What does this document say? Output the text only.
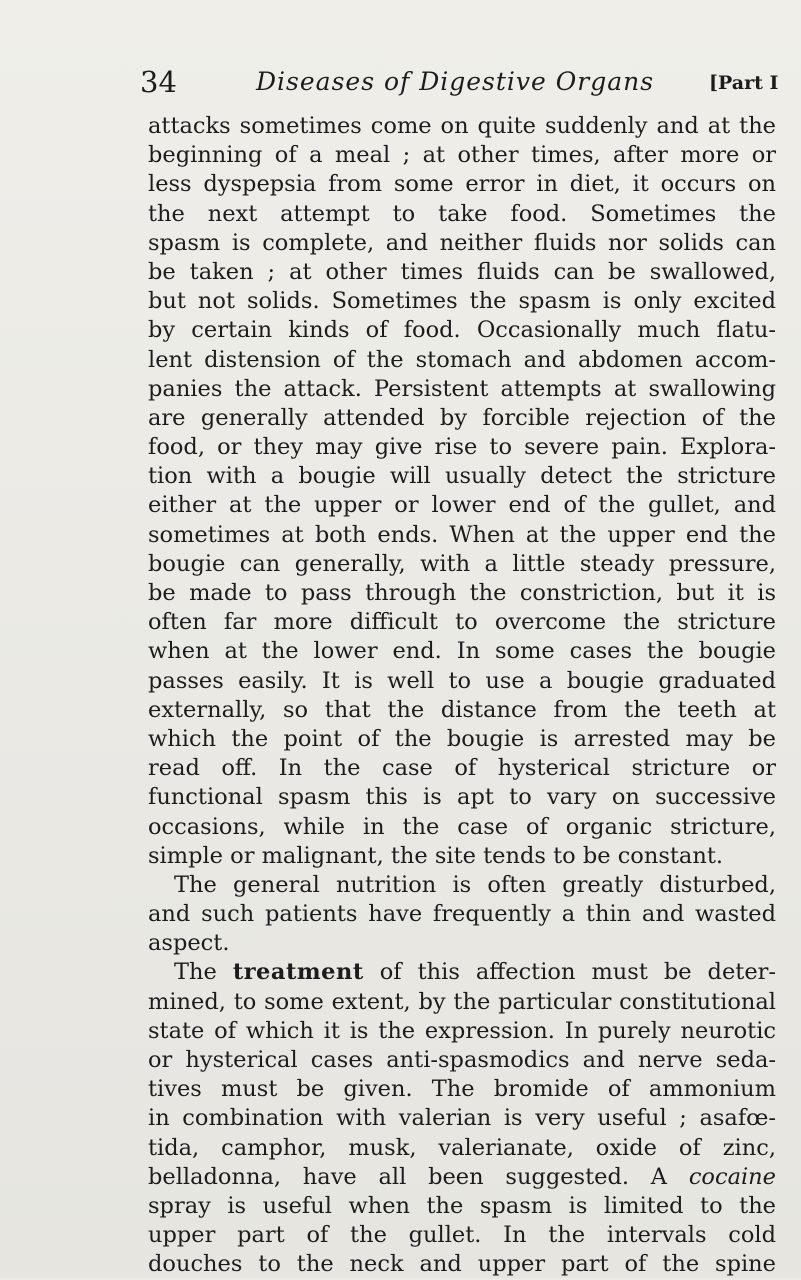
34	Diseases of Digestive Organs	[Part I
attacks sometimes come on quite suddenly and at the
beginning of a meal ; at other times, after more or
less dyspepsia from some error in diet, it occurs on
the next attempt to take food. Sometimes the
spasm is complete, and neither fluids nor solids can
be taken ; at other times fluids can be swallowed,
but not solids. Sometimes the spasm is only excited
by certain kinds of food. Occasionally much flatu-
lent distension of the stomach and abdomen accom-
panies the attack. Persistent attempts at swallowing
are generally attended by forcible rejection of the
food, or they may give rise to severe pain. Explora-
tion with a bougie will usually detect the stricture
either at the upper or lower end of the gullet, and
sometimes at both ends. When at the upper end the
bougie can generally, with a little steady pressure,
be made to pass through the constriction, but it is
often far more difficult to overcome the stricture
when at the lower end. In some cases the bougie
passes easily. It is well to use a bougie graduated
externally, so that the distance from the teeth at
which the point of the bougie is arrested may be
read off. In the case of hysterical stricture or
functional spasm this is apt to vary on successive
occasions, while in the case of organic stricture,
simple or malignant, the site tends to be constant.
The general nutrition is often greatly disturbed,
and such patients have frequently a thin and wasted
aspect.
The treatment of this affection must be deter-
mined, to some extent, by the particular constitutional
state of which it is the expression. In purely neurotic
or hysterical cases anti-spasmodics and nerve seda-
tives must be given. The bromide of ammonium
in combination with valerian is very useful ; asafœ-
tida, camphor, musk, valerianate, oxide of zinc,
belladonna, have all been suggested. A cocaine
spray is useful when the spasm is limited to the
upper part of the gullet. In the intervals cold
douches to the neck and upper part of the spine
